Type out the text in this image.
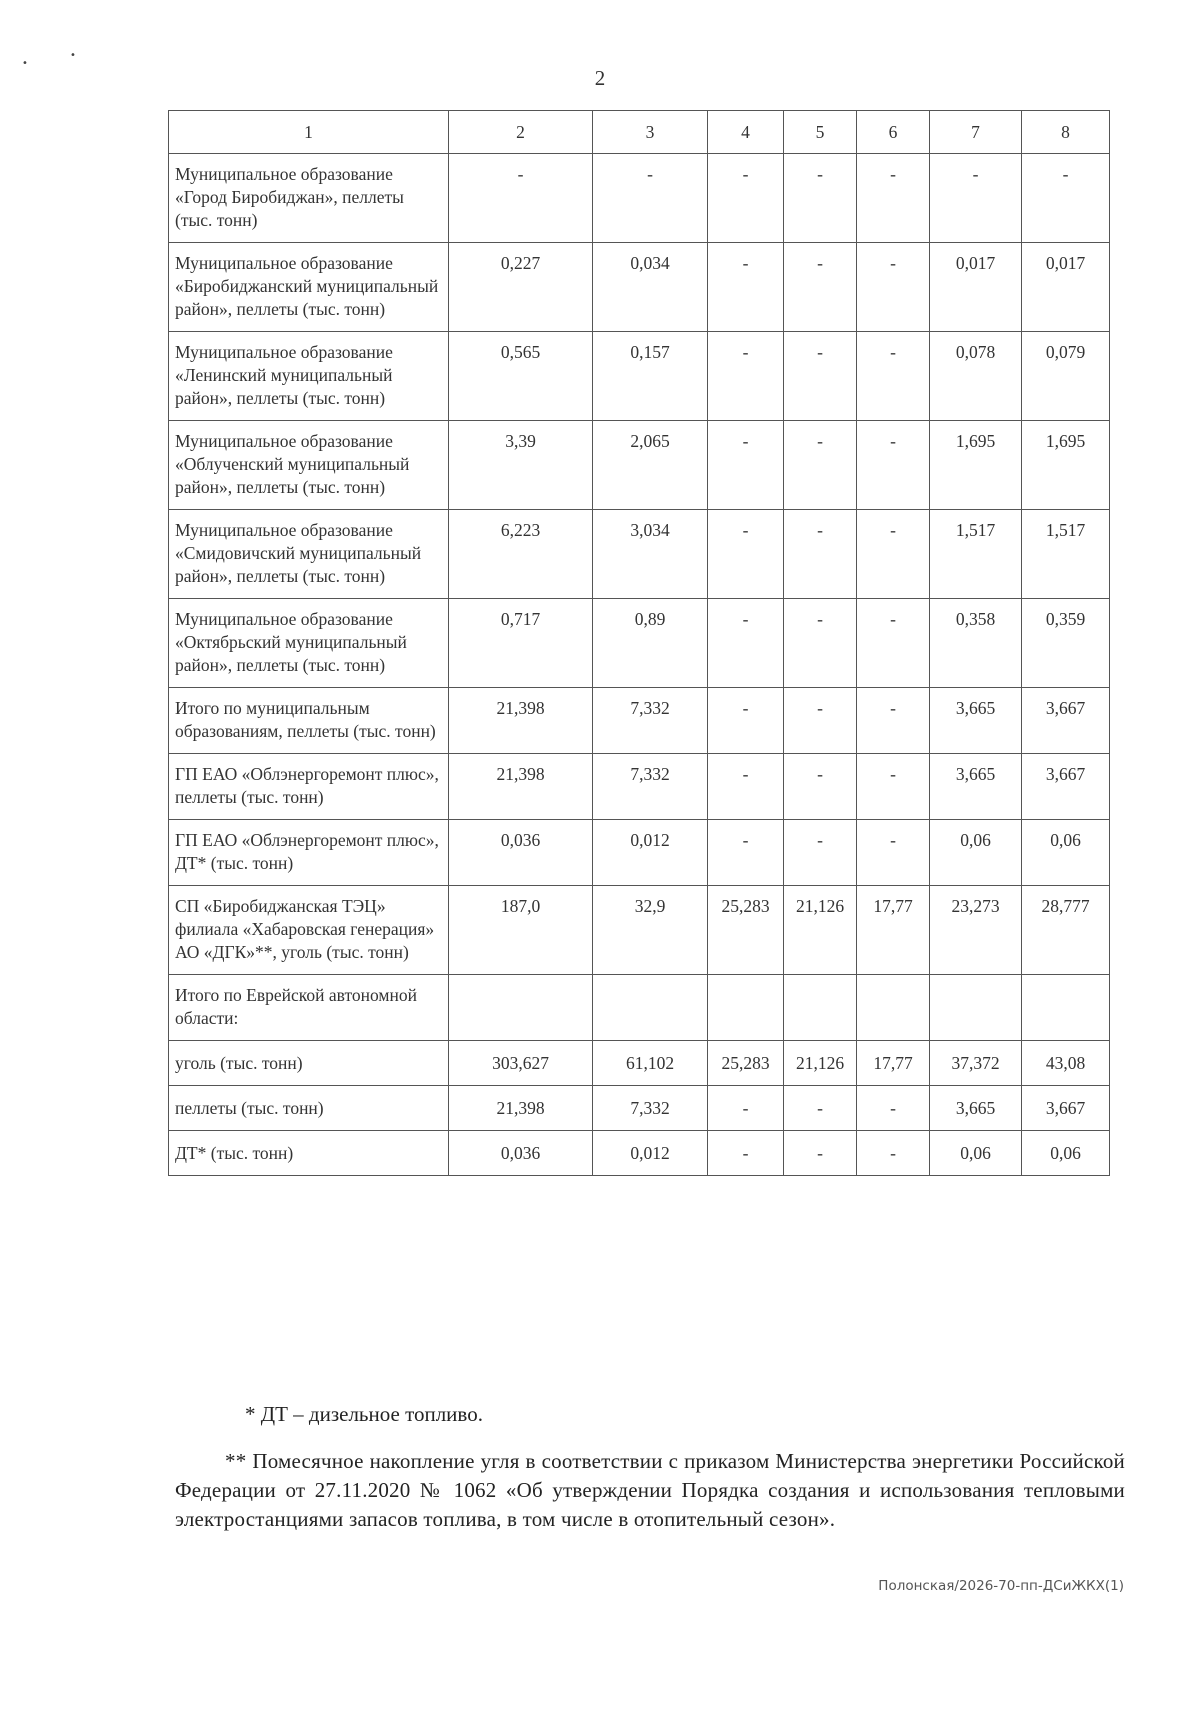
•
•
2
1	2	3	4	5	6	7	8
Муниципальное образование «Город Биробиджан», пеллеты (тыс. тонн)	-	-	-	-	-	-	-
Муниципальное образование «Биробиджанский муниципальный район», пеллеты (тыс. тонн)	0,227	0,034	-	-	-	0,017	0,017
Муниципальное образование «Ленинский муниципальный район», пеллеты (тыс. тонн)	0,565	0,157	-	-	-	0,078	0,079
Муниципальное образование «Облученский муниципальный район», пеллеты (тыс. тонн)	3,39	2,065	-	-	-	1,695	1,695
Муниципальное образование «Смидовичский муниципальный район», пеллеты (тыс. тонн)	6,223	3,034	-	-	-	1,517	1,517
Муниципальное образование «Октябрьский муниципальный район», пеллеты (тыс. тонн)	0,717	0,89	-	-	-	0,358	0,359
Итого по муниципальным образованиям, пеллеты (тыс. тонн)	21,398	7,332	-	-	-	3,665	3,667
ГП ЕАО «Облэнергоремонт плюс», пеллеты (тыс. тонн)	21,398	7,332	-	-	-	3,665	3,667
ГП ЕАО «Облэнергоремонт плюс», ДТ* (тыс. тонн)	0,036	0,012	-	-	-	0,06	0,06
СП «Биробиджанская ТЭЦ» филиала «Хабаровская генерация» АО «ДГК»**, уголь (тыс. тонн)	187,0	32,9	25,283	21,126	17,77	23,273	28,777
Итого по Еврейской автономной области:							
уголь (тыс. тонн)	303,627	61,102	25,283	21,126	17,77	37,372	43,08
пеллеты (тыс. тонн)	21,398	7,332	-	-	-	3,665	3,667
ДТ* (тыс. тонн)	0,036	0,012	-	-	-	0,06	0,06

* ДТ – дизельное топливо.

** Помесячное накопление угля в соответствии с приказом Министерства энергетики Российской Федерации от 27.11.2020 № 1062 «Об утверждении Порядка создания и использования тепловыми электростанциями запасов топлива, в том числе в отопительный сезон».

Полонская/2026-70-пп-ДСиЖКХ(1)
